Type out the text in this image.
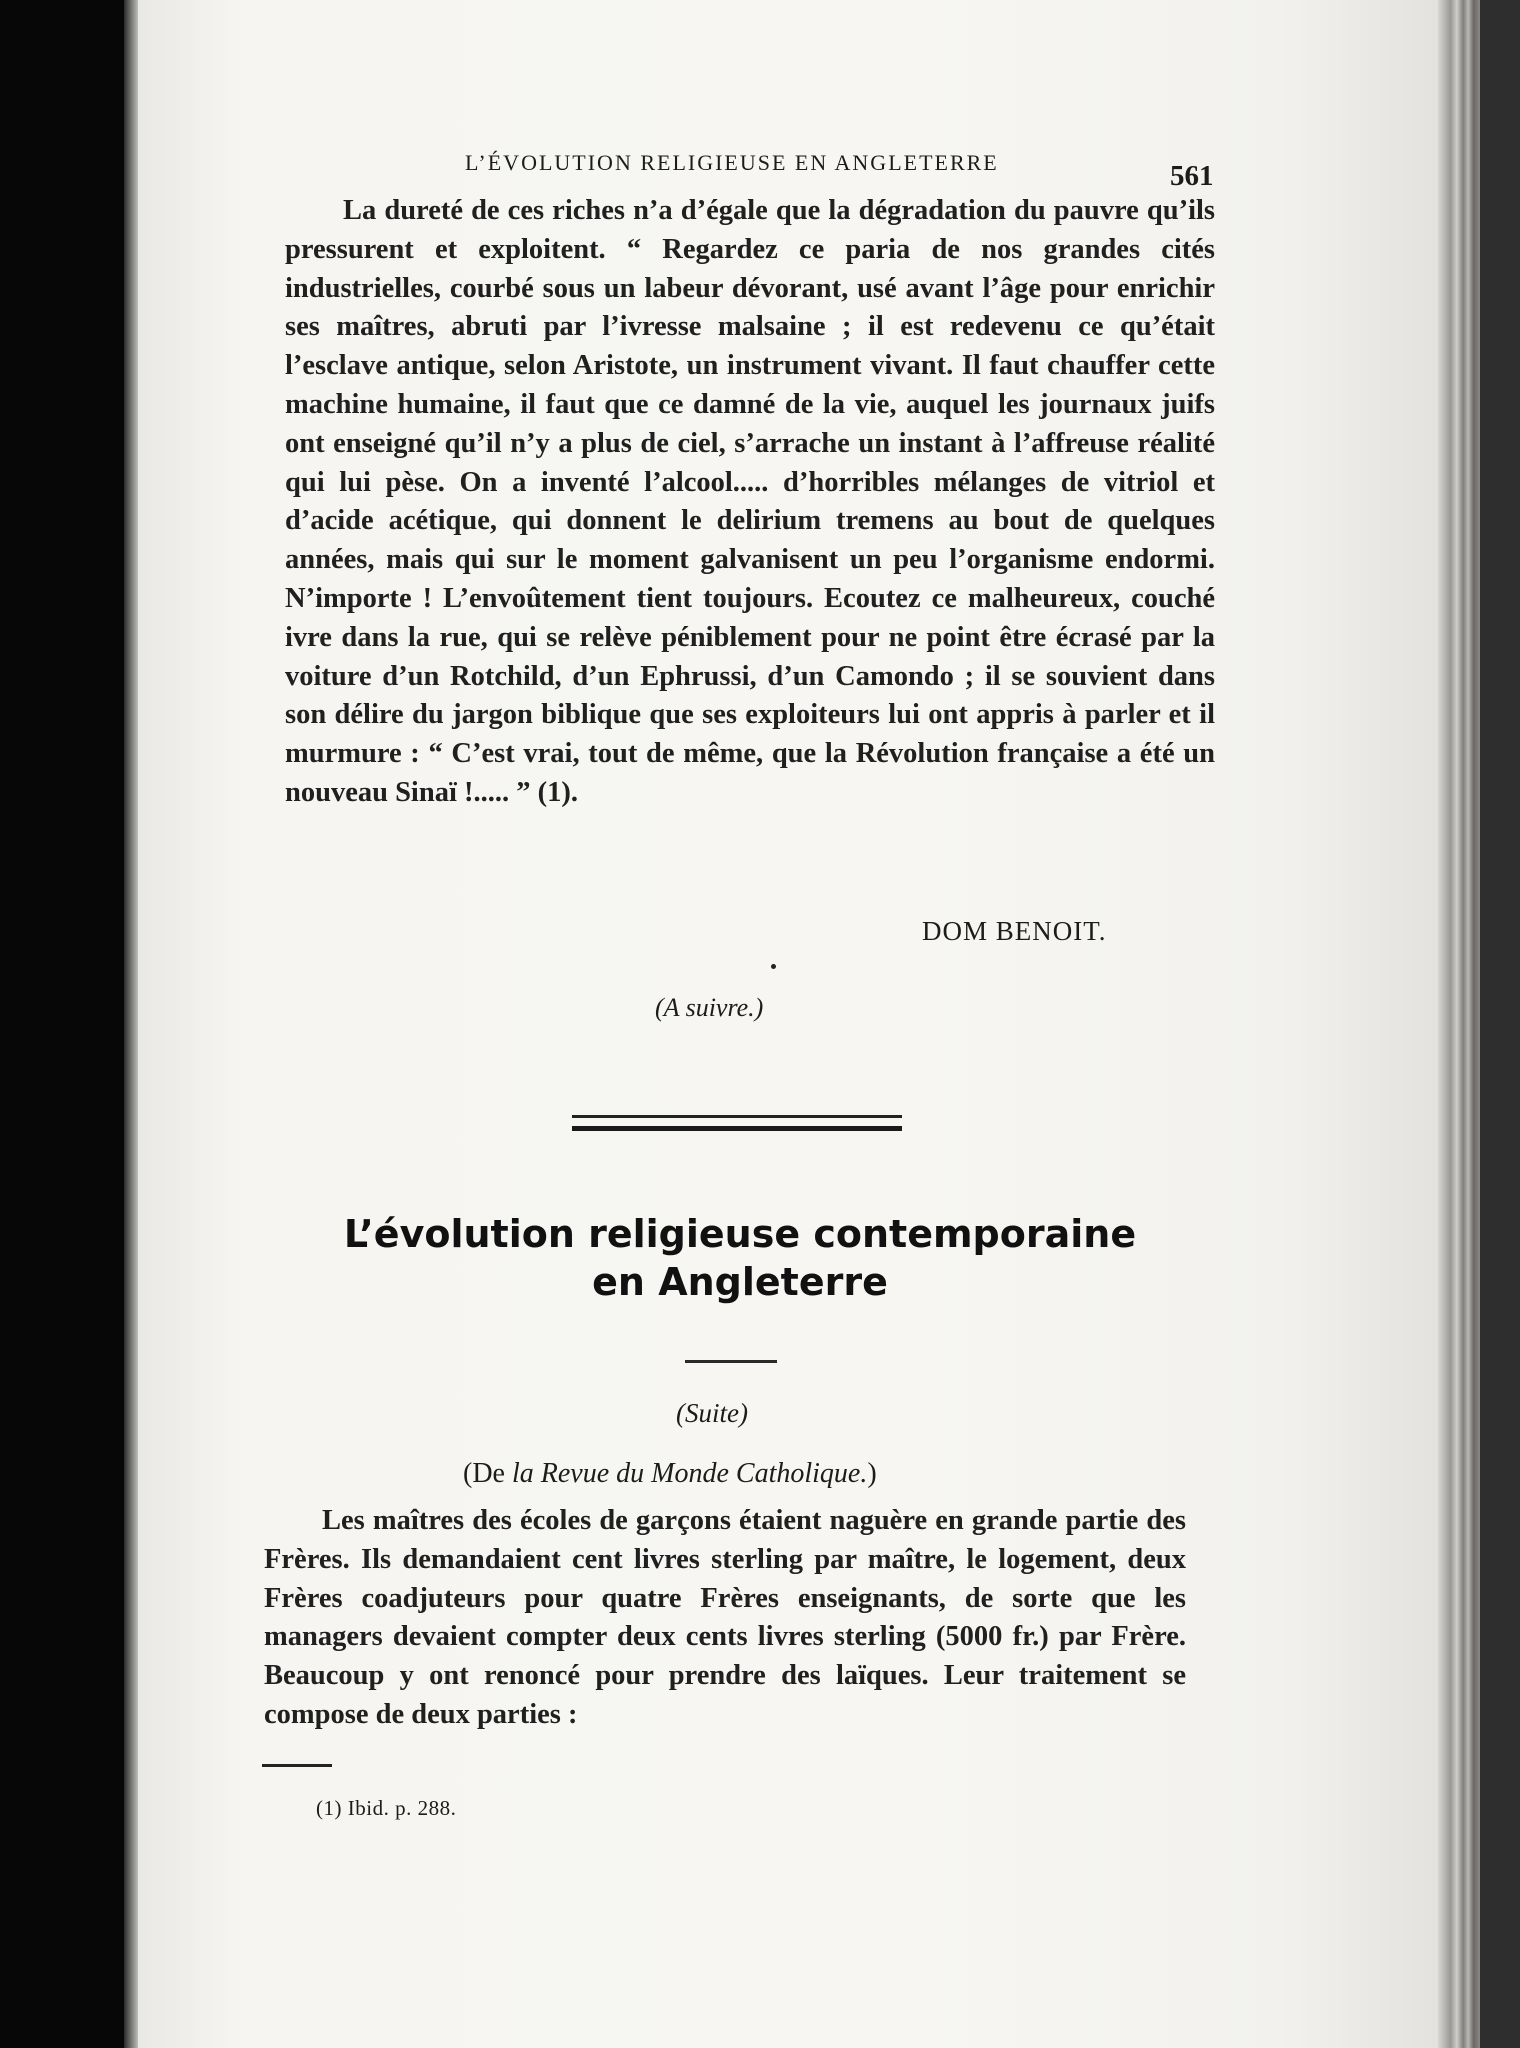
L’ÉVOLUTION RELIGIEUSE EN ANGLETERRE	561

La dureté de ces riches n’a d’égale que la dégradation du pauvre qu’ils pressurent et exploitent. “ Regardez ce paria de nos grandes cités industrielles, courbé sous un labeur dévorant, usé avant l’âge pour enrichir ses maîtres, abruti par l’ivresse malsaine ; il est redevenu ce qu’était l’esclave antique, selon Aristote, un instrument vivant. Il faut chauffer cette machine humaine, il faut que ce damné de la vie, auquel les journaux juifs ont enseigné qu’il n’y a plus de ciel, s’arrache un instant à l’affreuse réalité qui lui pèse. On a inventé l’alcool..... d’horribles mélanges de vitriol et d’acide acétique, qui donnent le delirium tremens au bout de quelques années, mais qui sur le moment galvanisent un peu l’organisme endormi. N’importe ! L’envoûtement tient toujours. Ecoutez ce malheureux, couché ivre dans la rue, qui se relève péniblement pour ne point être écrasé par la voiture d’un Rotchild, d’un Ephrussi, d’un Camondo ; il se souvient dans son délire du jargon biblique que ses exploiteurs lui ont appris à parler et il murmure : “ C’est vrai, tout de même, que la Révolution française a été un nouveau Sinaï !..... ” (1).

DOM BENOIT.
(A suivre.)
L’évolution religieuse contemporaine
en Angleterre
(Suite)
(De la Revue du Monde Catholique.)

Les maîtres des écoles de garçons étaient naguère en grande partie des Frères. Ils demandaient cent livres sterling par maître, le logement, deux Frères coadjuteurs pour quatre Frères enseignants, de sorte que les managers devaient compter deux cents livres sterling (5000 fr.) par Frère. Beaucoup y ont renoncé pour prendre des laïques. Leur traitement se compose de deux parties :

(1) Ibid. p. 288.
